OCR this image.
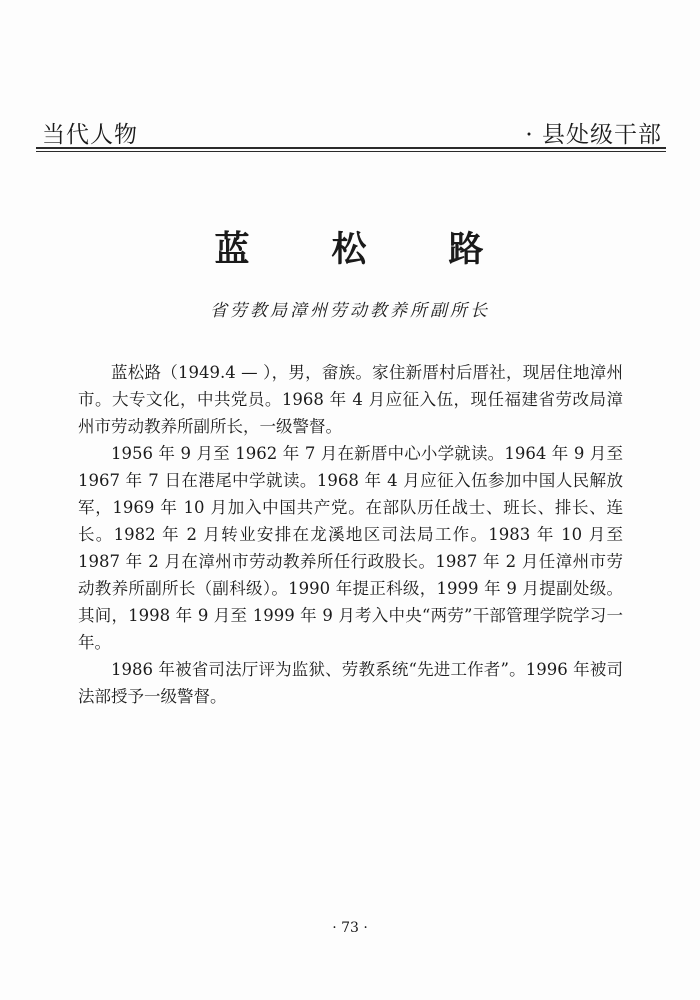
当代人物	· 县处级干部
蓝 松 路
省劳教局漳州劳动教养所副所长

蓝松路（1949.4 — ），男，畲族。家住新厝村后厝社，现居住地漳州市。大专文化，中共党员。1968 年 4 月应征入伍，现任福建省劳改局漳州市劳动教养所副所长，一级警督。

1956 年 9 月至 1962 年 7 月在新厝中心小学就读。1964 年 9 月至 1967 年 7 日在港尾中学就读。1968 年 4 月应征入伍参加中国人民解放军，1969 年 10 月加入中国共产党。在部队历任战士、班长、排长、连长。1982 年 2 月转业安排在龙溪地区司法局工作。1983 年 10 月至 1987 年 2 月在漳州市劳动教养所任行政股长。1987 年 2 月任漳州市劳动教养所副所长（副科级）。1990 年提正科级，1999 年 9 月提副处级。其间，1998 年 9 月至 1999 年 9 月考入中央“两劳”干部管理学院学习一年。

1986 年被省司法厅评为监狱、劳教系统“先进工作者”。1996 年被司法部授予一级警督。

· 73 ·
